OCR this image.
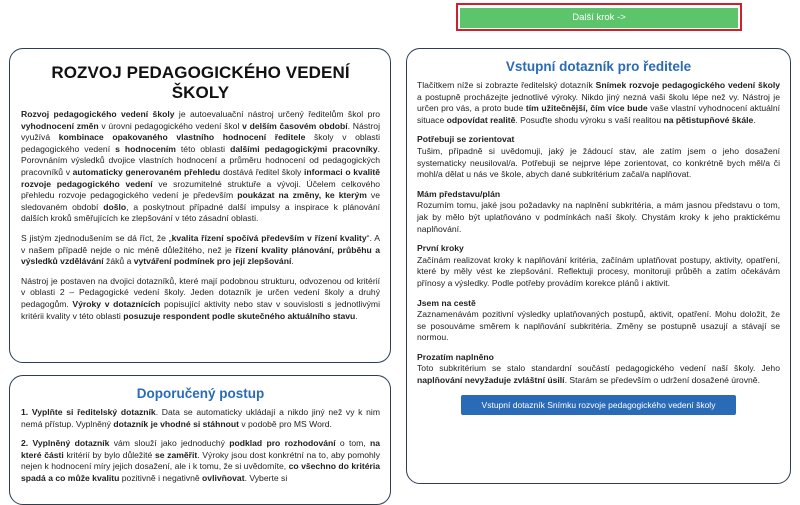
Další krok ->
ROZVOJ PEDAGOGICKÉHO VEDENÍ ŠKOLY

Rozvoj pedagogického vedení školy je autoevaluační nástroj určený ředitelům škol pro vyhodnocení změn v úrovni pedagogického vedení škol v delším časovém období. Nástroj využívá kombinace opakovaného vlastního hodnocení ředitele školy v oblasti pedagogického vedení s hodnocením této oblasti dalšími pedagogickými pracovníky. Porovnáním výsledků dvojice vlastních hodnocení a průměru hodnocení od pedagogických pracovníků v automaticky generovaném přehledu dostává ředitel školy informaci o kvalitě rozvoje pedagogického vedení ve srozumitelné struktuře a vývoji. Účelem celkového přehledu rozvoje pedagogického vedení je především poukázat na změny, ke kterým ve sledovaném období došlo, a poskytnout případné další impulsy a inspirace k plánování dalších kroků směřujících ke zlepšování v této zásadní oblasti.

S jistým zjednodušením se dá říct, že „kvalita řízení spočívá především v řízení kvality“. A v našem případě nejde o nic méně důležitého, než je řízení kvality plánování, průběhu a výsledků vzdělávání žáků a vytváření podmínek pro její zlepšování.

Nástroj je postaven na dvojici dotazníků, které mají podobnou strukturu, odvozenou od kritérií v oblasti 2 – Pedagogické vedení školy. Jeden dotazník je určen vedení školy a druhý pedagogům. Výroky v dotaznících popisující aktivity nebo stav v souvislosti s jednotlivými kritérii kvality v této oblasti posuzuje respondent podle skutečného aktuálního stavu.

Doporučený postup

1. Vyplňte si ředitelský dotazník. Data se automaticky ukládají a nikdo jiný než vy k nim nemá přístup. Vyplněný dotazník je vhodné si stáhnout v podobě pro MS Word.

2. Vyplněný dotazník vám slouží jako jednoduchý podklad pro rozhodování o tom, na které části kritérií by bylo důležité se zaměřit. Výroky jsou dost konkrétní na to, aby pomohly nejen k hodnocení míry jejich dosažení, ale i k tomu, že si uvědomíte, co všechno do kritéria spadá a co může kvalitu pozitivně i negativně ovlivňovat. Vyberte si

Vstupní dotazník pro ředitele

Tlačítkem níže si zobrazte ředitelský dotazník Snímek rozvoje pedagogického vedení školy a postupně procházejte jednotlivé výroky. Nikdo jiný nezná vaši školu lépe než vy. Nástroj je určen pro vás, a proto bude tím užitečnější, čím více bude vaše vlastní vyhodnocení aktuální situace odpovídat realitě. Posuďte shodu výroku s vaší realitou na pětistupňové škále.

Potřebuji se zorientovat

Tušim, případně si uvědomuji, jaký je žádoucí stav, ale zatím jsem o jeho dosažení systematicky neusiloval/a. Potřebuji se nejprve lépe zorientovat, co konkrétně bych měl/a či mohl/a dělat u nás ve škole, abych dané subkritérium začal/a naplňovat.

Mám představu/plán

Rozumím tomu, jaké jsou požadavky na naplnění subkritéria, a mám jasnou představu o tom, jak by mělo být uplatňováno v podmínkách naší školy. Chystám kroky k jeho praktickému naplňování.

První kroky

Začínám realizovat kroky k naplňování kritéria, začínám uplatňovat postupy, aktivity, opatření, které by měly vést ke zlepšování. Reflektuji procesy, monitoruji průběh a zatím očekávám přínosy a výsledky. Podle potřeby provádím korekce plánů i aktivit.

Jsem na cestě

Zaznamenávám pozitivní výsledky uplatňovaných postupů, aktivit, opatření. Mohu doložit, že se posouváme směrem k naplňování subkritéria. Změny se postupně usazují a stávají se normou.

Prozatím naplněno

Toto subkritérium se stalo standardní součástí pedagogického vedení naší školy. Jeho naplňování nevyžaduje zvláštní úsilí. Starám se především o udržení dosažené úrovně.

Vstupní dotazník Snímku rozvoje pedagogického vedení školy
